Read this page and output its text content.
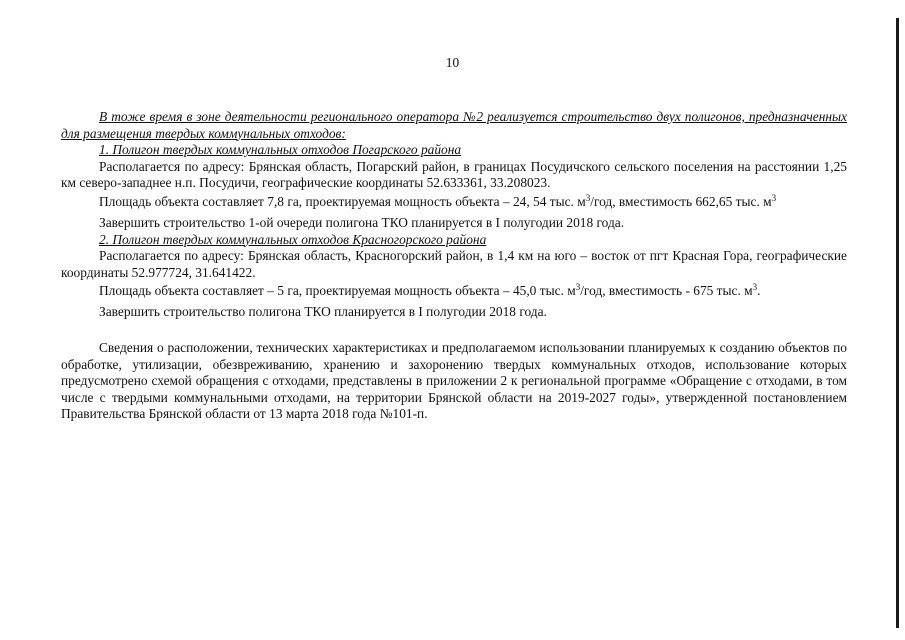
10

В тоже время в зоне деятельности регионального оператора №2 реализуется строительство двух полигонов, предназначенных для размещения твердых коммунальных отходов:

1. Полигон твердых коммунальных отходов Погарского района

Располагается по адресу: Брянская область, Погарский район, в границах Посудичского сельского поселения на расстоянии 1,25 км северо-западнее н.п. Посудичи, географические координаты 52.633361, 33.208023.

Площадь объекта составляет 7,8 га, проектируемая мощность объекта – 24, 54 тыс. $м^3$/год, вместимость 662,65 тыс. $м^3$

Завершить строительство 1-ой очереди полигона ТКО планируется в I полугодии 2018 года.

2. Полигон твердых коммунальных отходов Красногорского района

Располагается по адресу: Брянская область, Красногорский район, в 1,4 км на юго – восток от пгт Красная Гора, географические координаты 52.977724, 31.641422.

Площадь объекта составляет – 5 га, проектируемая мощность объекта – 45,0 тыс. $м^3$/год, вместимость - 675 тыс. $м^3$.

Завершить строительство полигона ТКО планируется в I полугодии 2018 года.

Сведения о расположении, технических характеристиках и предполагаемом использовании планируемых к созданию объектов по обработке, утилизации, обезвреживанию, хранению и захоронению твердых коммунальных отходов, использование которых предусмотрено схемой обращения с отходами, представлены в приложении 2 к региональной программе «Обращение с отходами, в том числе с твердыми коммунальными отходами, на территории Брянской области на 2019-2027 годы», утвержденной постановлением Правительства Брянской области от 13 марта 2018 года №101-п.
